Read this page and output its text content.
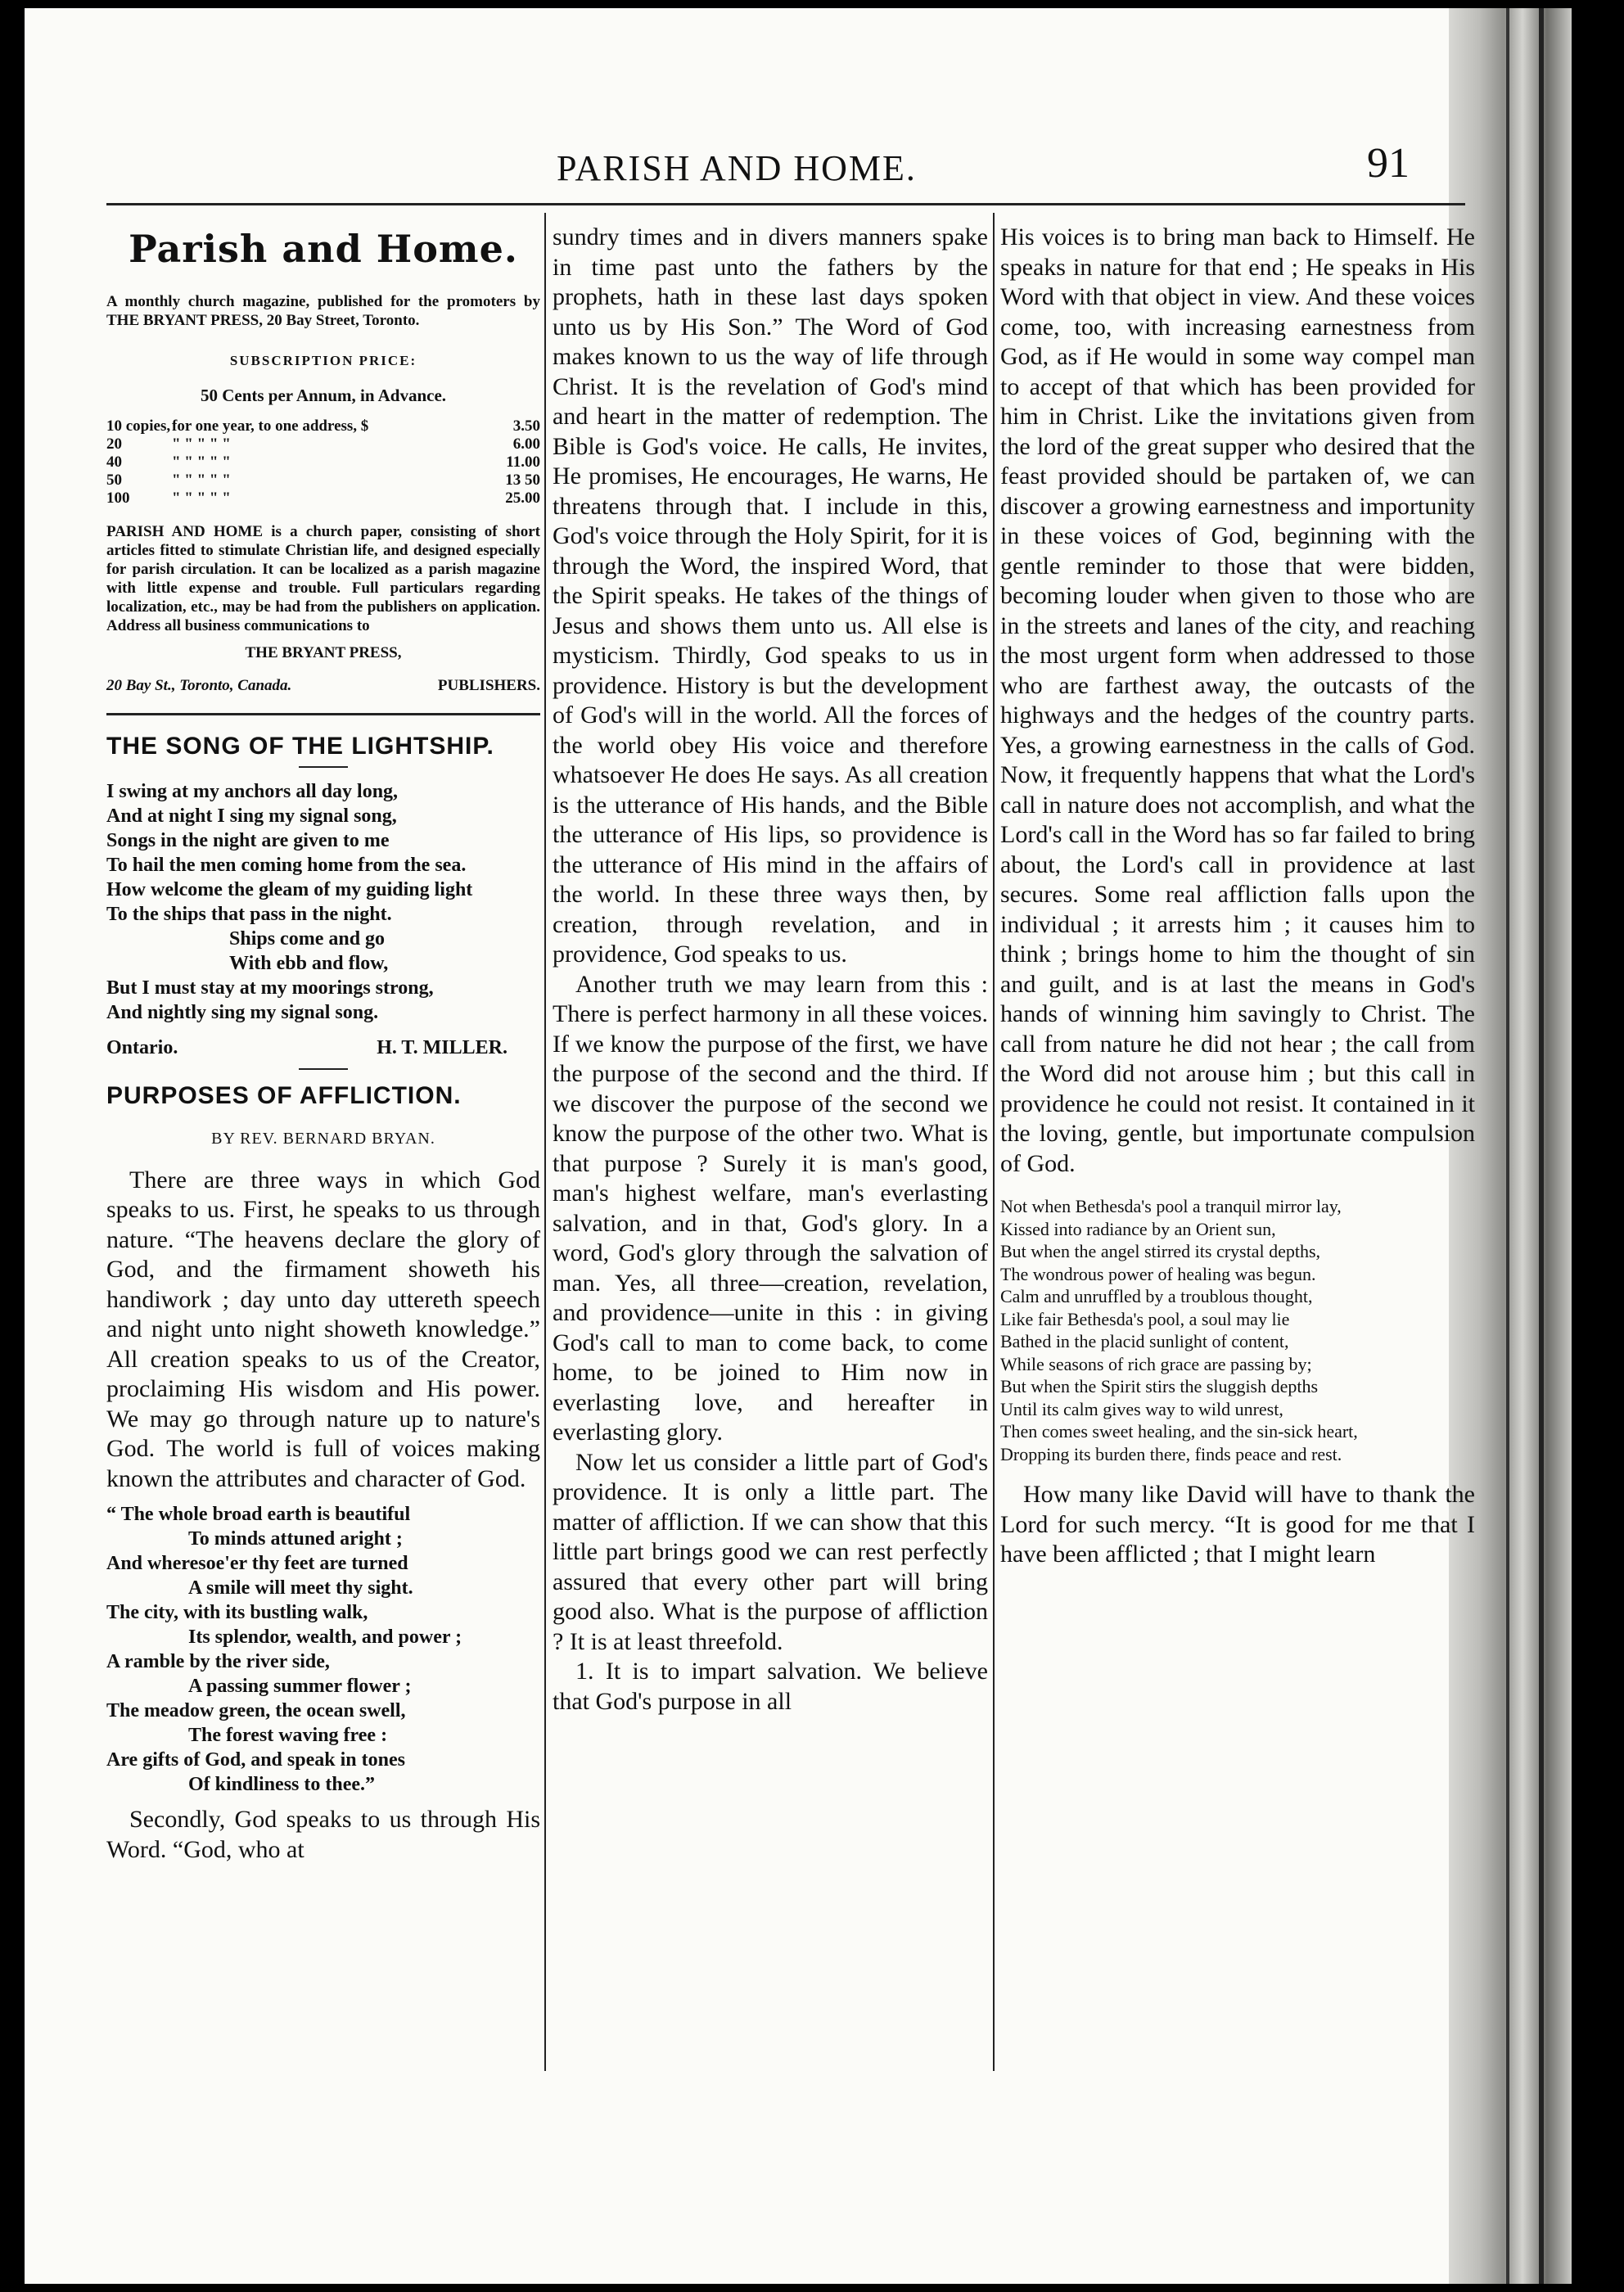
PARISH AND HOME.	91
Parish and Home.

A monthly church magazine, published for the promoters by THE BRYANT PRESS, 20 Bay Street, Toronto.

SUBSCRIPTION PRICE:
50 Cents per Annum, in Advance.
10 copies,	for one year, to one address, $	3.50
20	" " " " "	6.00
40	" " " " "	11.00
50	" " " " "	13 50
100	" " " " "	25.00

PARISH AND HOME is a church paper, consisting of short articles fitted to stimulate Christian life, and designed especially for parish circulation. It can be localized as a parish magazine with little expense and trouble. Full particulars regarding localization, etc., may be had from the publishers on application. Address all business communications to

THE BRYANT PRESS,
20 Bay St., Toronto, Canada.	PUBLISHERS.
THE SONG OF THE LIGHTSHIP.
I swing at my anchors all day long,
And at night I sing my signal song,
Songs in the night are given to me
To hail the men coming home from the sea.
How welcome the gleam of my guiding light
To the ships that pass in the night.
Ships come and go
With ebb and flow,
But I must stay at my moorings strong,
And nightly sing my signal song.
Ontario.	H. T. MILLER.
PURPOSES OF AFFLICTION.
BY REV. BERNARD BRYAN.

There are three ways in which God speaks to us. First, he speaks to us through nature. “The heavens declare the glory of God, and the firmament showeth his handiwork ; day unto day uttereth speech and night unto night showeth knowledge.” All creation speaks to us of the Creator, proclaiming His wisdom and His power. We may go through nature up to nature's God. The world is full of voices making known the attributes and character of God.

“ The whole broad earth is beautiful
To minds attuned aright ;
And wheresoe'er thy feet are turned
A smile will meet thy sight.
The city, with its bustling walk,
Its splendor, wealth, and power ;
A ramble by the river side,
A passing summer flower ;
The meadow green, the ocean swell,
The forest waving free :
Are gifts of God, and speak in tones
Of kindliness to thee.”

Secondly, God speaks to us through His Word. “God, who at

sundry times and in divers manners spake in time past unto the fathers by the prophets, hath in these last days spoken unto us by His Son.” The Word of God makes known to us the way of life through Christ. It is the revelation of God's mind and heart in the matter of redemption. The Bible is God's voice. He calls, He invites, He promises, He encourages, He warns, He threatens through that. I include in this, God's voice through the Holy Spirit, for it is through the Word, the inspired Word, that the Spirit speaks. He takes of the things of Jesus and shows them unto us. All else is mysticism. Thirdly, God speaks to us in providence. History is but the development of God's will in the world. All the forces of the world obey His voice and therefore whatsoever He does He says. As all creation is the utterance of His hands, and the Bible the utterance of His lips, so providence is the utterance of His mind in the affairs of the world. In these three ways then, by creation, through revelation, and in providence, God speaks to us.

Another truth we may learn from this : There is perfect harmony in all these voices. If we know the purpose of the first, we have the purpose of the second and the third. If we discover the purpose of the second we know the purpose of the other two. What is that purpose ? Surely it is man's good, man's highest welfare, man's everlasting salvation, and in that, God's glory. In a word, God's glory through the salvation of man. Yes, all three—creation, revelation, and providence—unite in this : in giving God's call to man to come back, to come home, to be joined to Him now in everlasting love, and hereafter in everlasting glory.

Now let us consider a little part of God's providence. It is only a little part. The matter of affliction. If we can show that this little part brings good we can rest perfectly assured that every other part will bring good also. What is the purpose of affliction ? It is at least threefold.

1. It is to impart salvation. We believe that God's purpose in all

His voices is to bring man back to Himself. He speaks in nature for that end ; He speaks in His Word with that object in view. And these voices come, too, with increasing earnestness from God, as if He would in some way compel man to accept of that which has been provided for him in Christ. Like the invitations given from the lord of the great supper who desired that the feast provided should be partaken of, we can discover a growing earnestness and importunity in these voices of God, beginning with the gentle reminder to those that were bidden, becoming louder when given to those who are in the streets and lanes of the city, and reaching the most urgent form when addressed to those who are farthest away, the outcasts of the highways and the hedges of the country parts. Yes, a growing earnestness in the calls of God. Now, it frequently happens that what the Lord's call in nature does not accomplish, and what the Lord's call in the Word has so far failed to bring about, the Lord's call in providence at last secures. Some real affliction falls upon the individual ; it arrests him ; it causes him to think ; brings home to him the thought of sin and guilt, and is at last the means in God's hands of winning him savingly to Christ. The call from nature he did not hear ; the call from the Word did not arouse him ; but this call in providence he could not resist. It contained in it the loving, gentle, but importunate compulsion of God.

Not when Bethesda's pool a tranquil mirror lay,
Kissed into radiance by an Orient sun,
But when the angel stirred its crystal depths,
The wondrous power of healing was begun.
Calm and unruffled by a troublous thought,
Like fair Bethesda's pool, a soul may lie
Bathed in the placid sunlight of content,
While seasons of rich grace are passing by;
But when the Spirit stirs the sluggish depths
Until its calm gives way to wild unrest,
Then comes sweet healing, and the sin-sick heart,
Dropping its burden there, finds peace and rest.

How many like David will have to thank the Lord for such mercy. “It is good for me that I have been afflicted ; that I might learn
